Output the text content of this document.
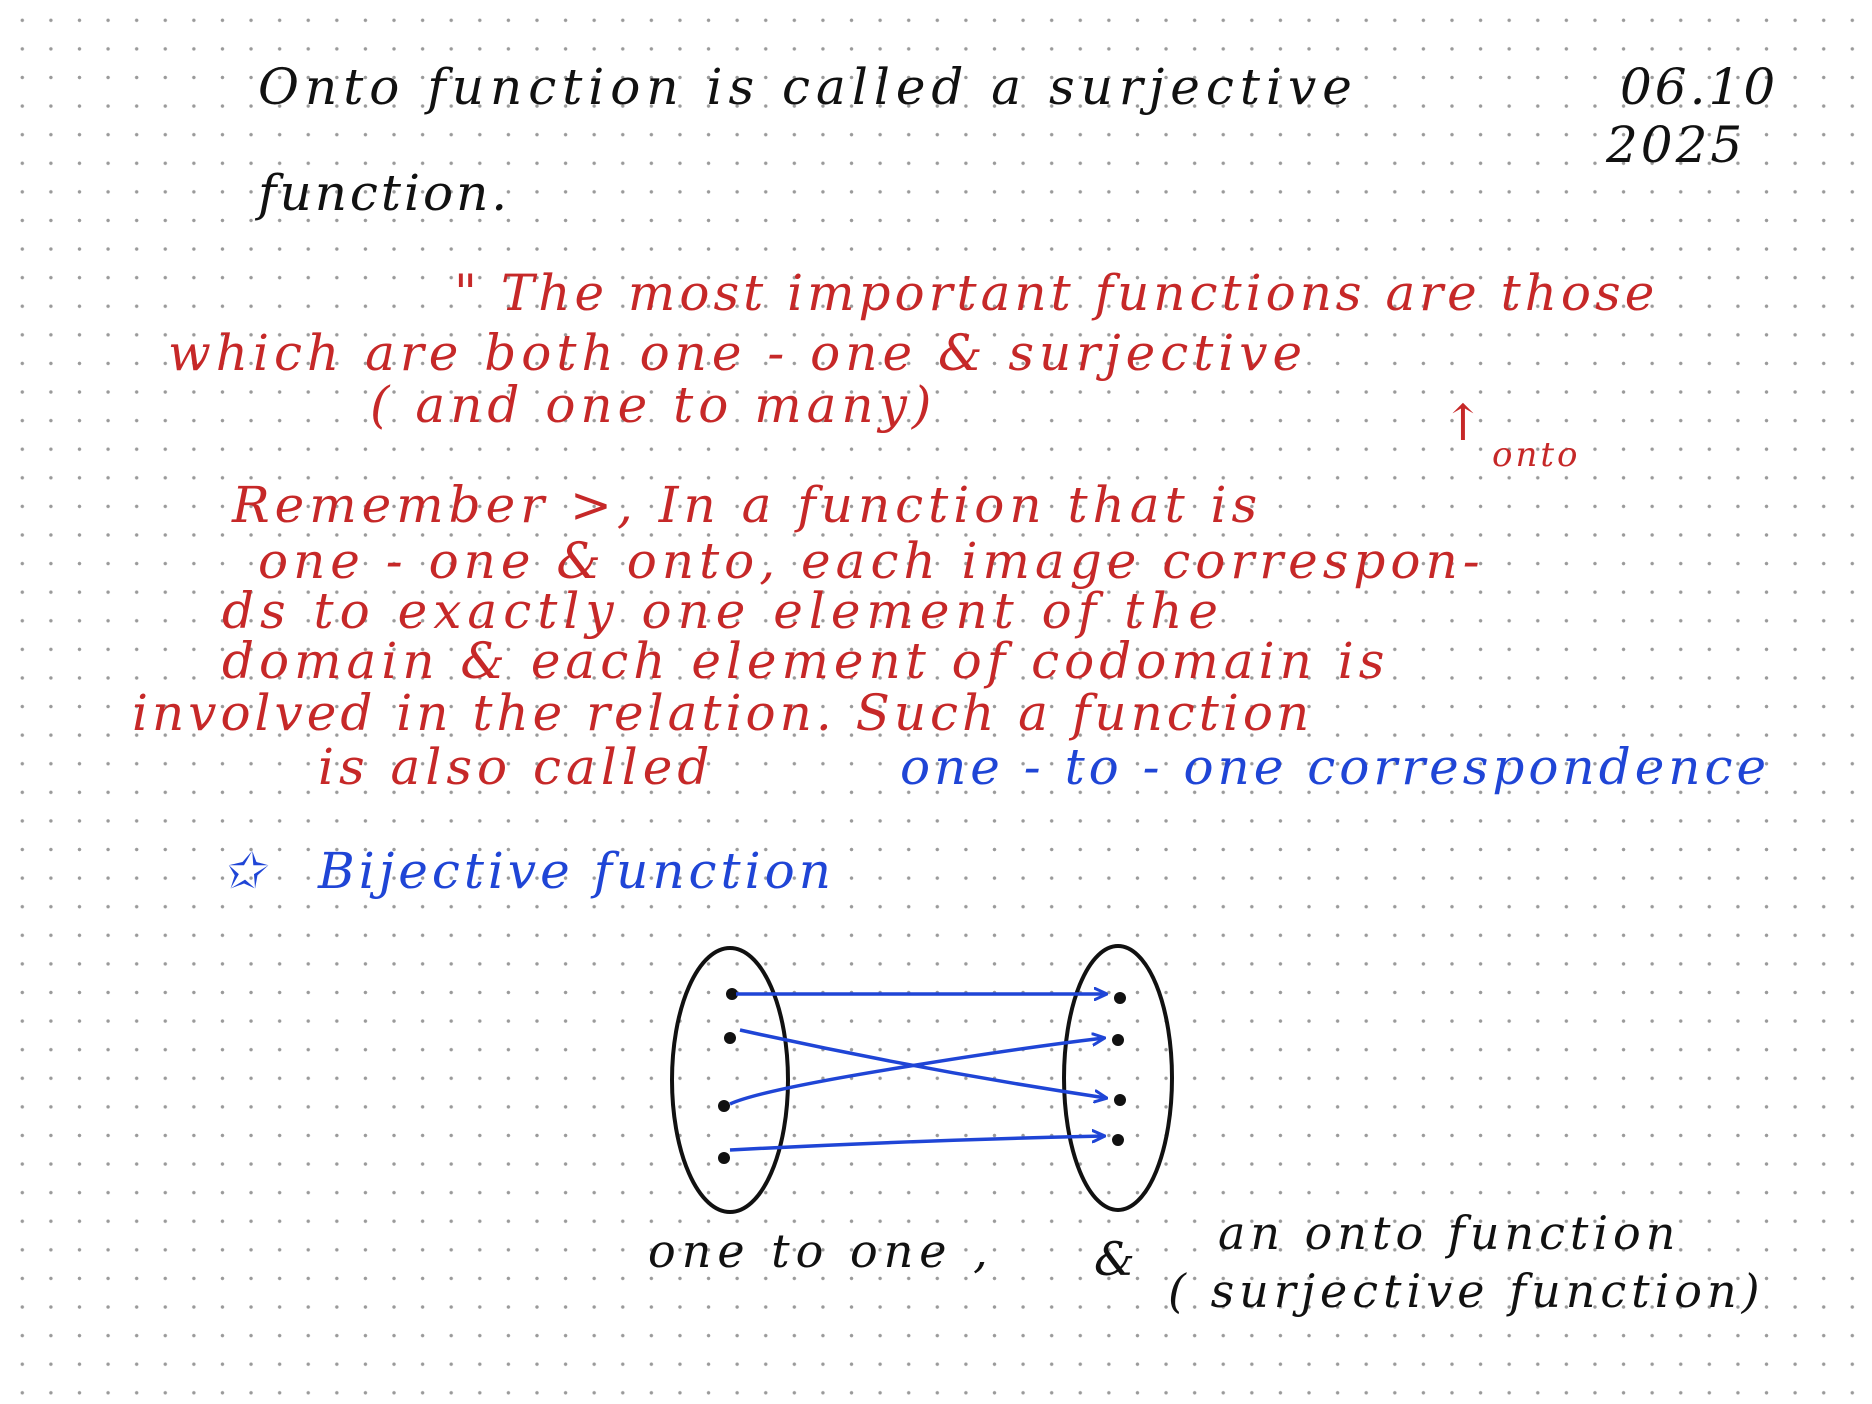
Onto function is called a surjective
function.
06.10
2025
" The most important functions are those
which are both one - one & surjective
( and one to many)	↑
onto
Remember >, In a function that is
one - one & onto, each image correspon-
ds to exactly one element of the
domain & each element of codomain is
involved in the relation. Such a function
is also called	one - to - one correspondence
✩ Bijective function
one to one , & an onto function
( surjective function)
